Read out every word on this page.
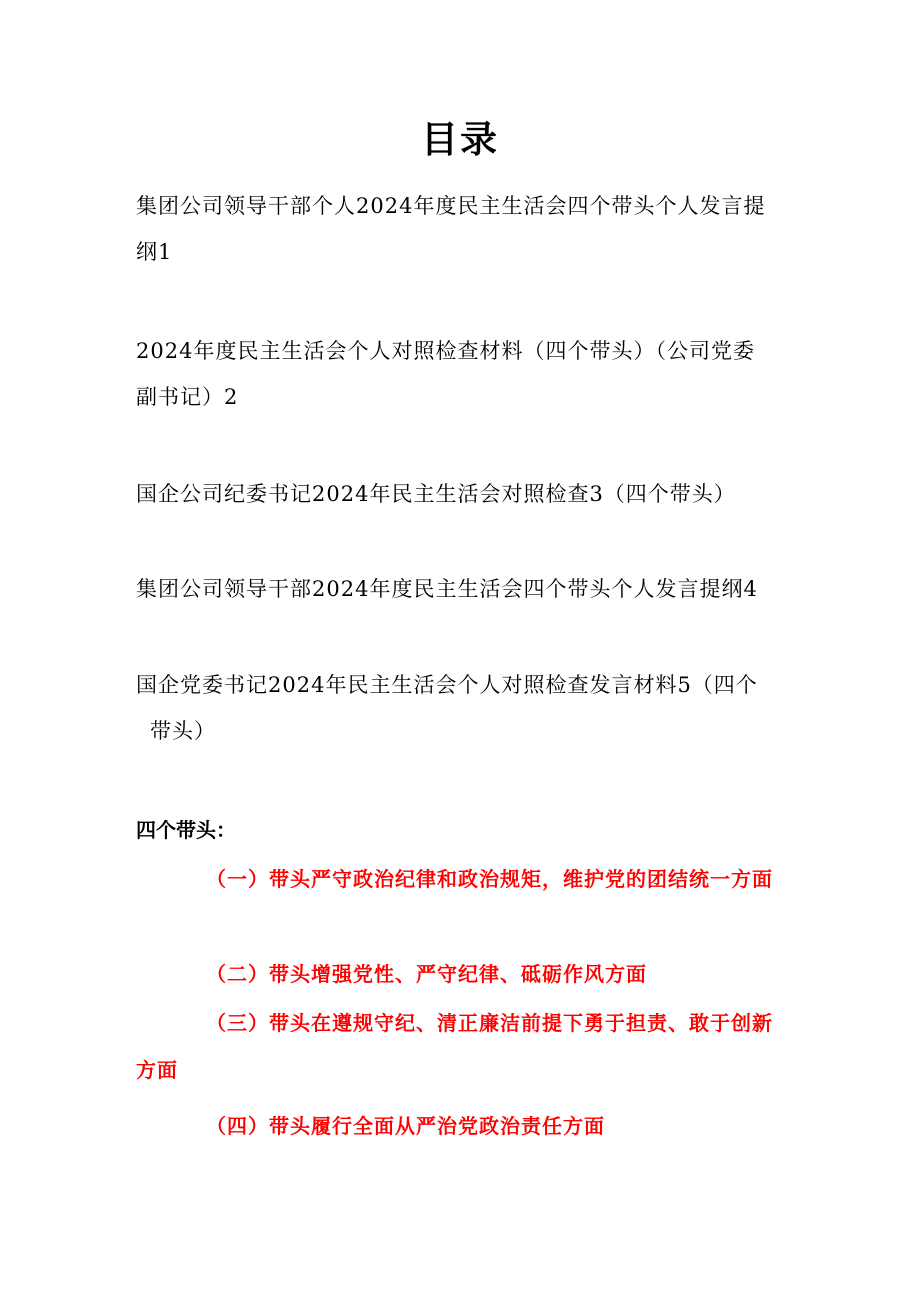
目录
集团公司领导干部个人2024年度民主生活会四个带头个人发言提
纲1
2024年度民主生活会个人对照检查材料（四个带头）（公司党委
副书记）2
国企公司纪委书记2024年民主生活会对照检查3（四个带头）
集团公司领导干部2024年度民主生活会四个带头个人发言提纲4
国企党委书记2024年民主生活会个人对照检查发言材料5（四个
带头）
四个带头：
（一）带头严守政治纪律和政治规矩，维护党的团结统一方面
（二）带头增强党性、严守纪律、砥砺作风方面
（三）带头在遵规守纪、清正廉洁前提下勇于担责、敢于创新方面
（四）带头履行全面从严治党政治责任方面
